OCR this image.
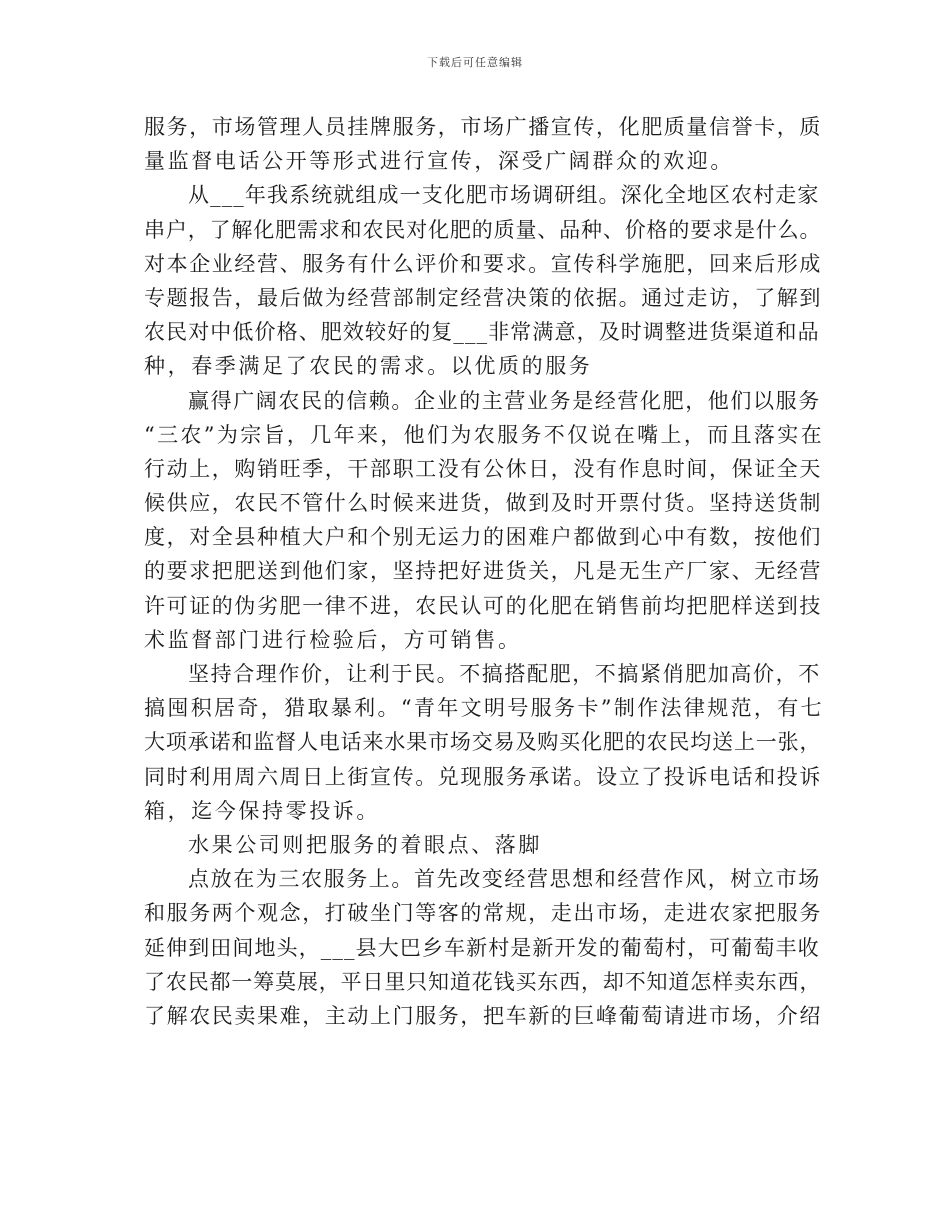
下载后可任意编辑
服务，市场管理人员挂牌服务，市场广播宣传，化肥质量信誉卡，质
量监督电话公开等形式进行宣传，深受广阔群众的欢迎。
从___年我系统就组成一支化肥市场调研组。深化全地区农村走家
串户，了解化肥需求和农民对化肥的质量、品种、价格的要求是什么。
对本企业经营、服务有什么评价和要求。宣传科学施肥，回来后形成
专题报告，最后做为经营部制定经营决策的依据。通过走访，了解到
农民对中低价格、肥效较好的复___非常满意，及时调整进货渠道和品
种，春季满足了农民的需求。以优质的服务
赢得广阔农民的信赖。企业的主营业务是经营化肥，他们以服务
“三农”为宗旨，几年来，他们为农服务不仅说在嘴上，而且落实在
行动上，购销旺季，干部职工没有公休日，没有作息时间，保证全天
候供应，农民不管什么时候来进货，做到及时开票付货。坚持送货制
度，对全县种植大户和个别无运力的困难户都做到心中有数，按他们
的要求把肥送到他们家，坚持把好进货关，凡是无生产厂家、无经营
许可证的伪劣肥一律不进，农民认可的化肥在销售前均把肥样送到技
术监督部门进行检验后，方可销售。
坚持合理作价，让利于民。不搞搭配肥，不搞紧俏肥加高价，不
搞囤积居奇，猎取暴利。“青年文明号服务卡”制作法律规范，有七
大项承诺和监督人电话来水果市场交易及购买化肥的农民均送上一张，
同时利用周六周日上街宣传。兑现服务承诺。设立了投诉电话和投诉
箱，迄今保持零投诉。
水果公司则把服务的着眼点、落脚
点放在为三农服务上。首先改变经营思想和经营作风，树立市场
和服务两个观念，打破坐门等客的常规，走出市场，走进农家把服务
延伸到田间地头，___县大巴乡车新村是新开发的葡萄村，可葡萄丰收
了农民都一筹莫展，平日里只知道花钱买东西，却不知道怎样卖东西，
了解农民卖果难，主动上门服务，把车新的巨峰葡萄请进市场，介绍
